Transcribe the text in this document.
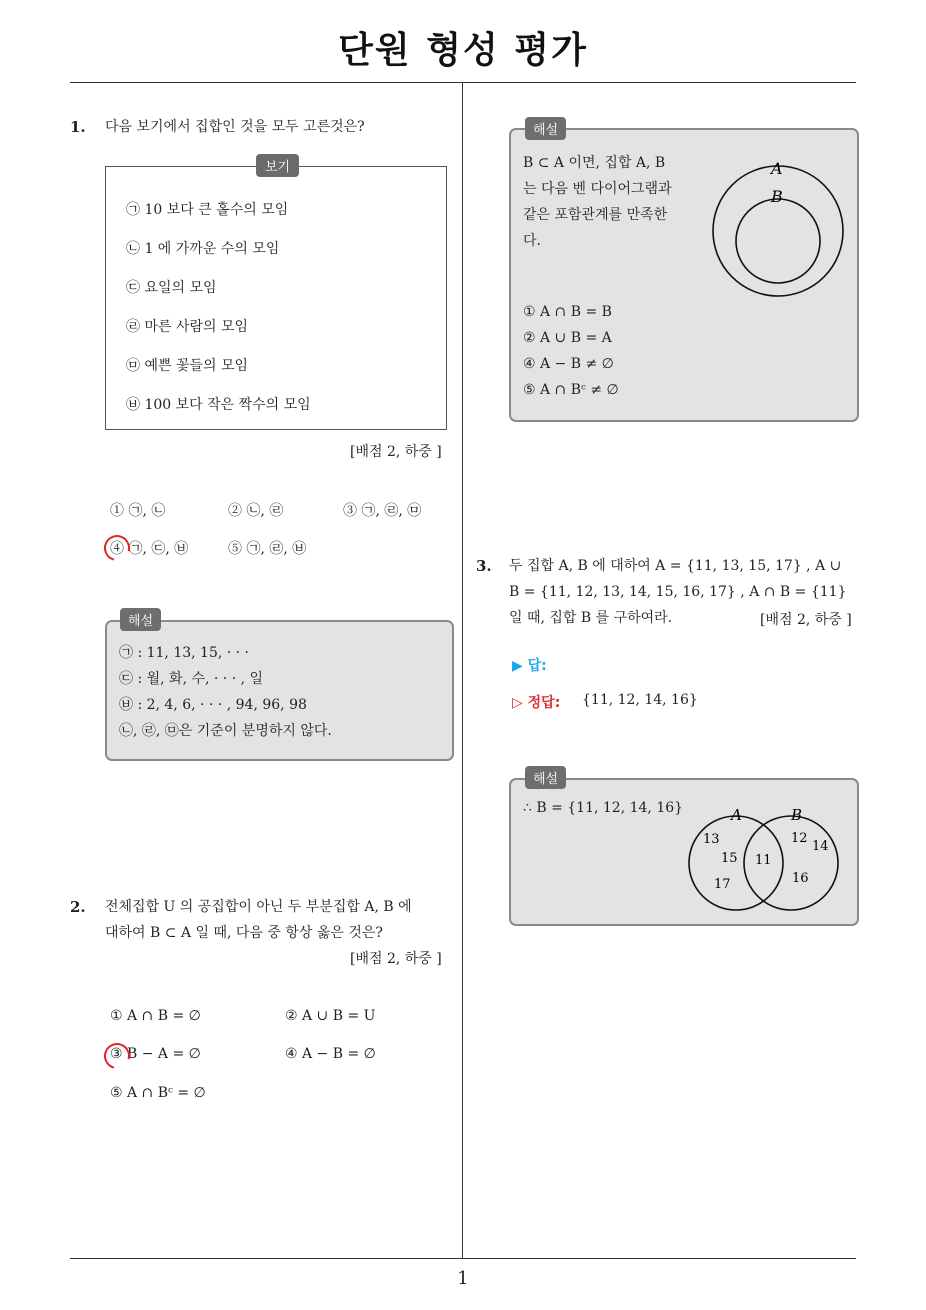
단원 형성 평가
1
1. 다음 보기에서 집합인 것을 모두 고른것은?
㉠ 10 보다 큰 홀수의 모임
㉡ 1 에 가까운 수의 모임
㉢ 요일의 모임
㉣ 마른 사람의 모임
㉤ 예쁜 꽃들의 모임
㉥ 100 보다 작은 짝수의 모임
보기
[배점 2, 하중 ]
① ㉠, ㉡	② ㉡, ㉣	③ ㉠, ㉣, ㉤
④ ㉠, ㉢, ㉥	⑤ ㉠, ㉣, ㉥
㉠ : 11, 13, 15, · · ·
㉢ : 월, 화, 수, · · · , 일
㉥ : 2, 4, 6, · · · , 94, 96, 98
㉡, ㉣, ㉤은 기준이 분명하지 않다.
해설
2. 전체집합 U 의 공집합이 아닌 두 부분집합 A, B 에
대하여 B ⊂ A 일 때, 다음 중 항상 옳은 것은?
[배점 2, 하중 ]
① A ∩ B = ∅	② A ∪ B = U
③ B − A = ∅	④ A − B = ∅
⑤ A ∩ Bᶜ = ∅
B ⊂ A 이면, 집합 A, B
는 다음 벤 다이어그램과
같은 포함관계를 만족한
다.
A
B
① A ∩ B = B
② A ∪ B = A
④ A − B ≠ ∅
⑤ A ∩ Bᶜ ≠ ∅
해설
3. 두 집합 A, B 에 대하여 A = {11, 13, 15, 17} , A ∪
B = {11, 12, 13, 14, 15, 16, 17} , A ∩ B = {11}
일 때, 집합 B 를 구하여라.	[배점 2, 하중 ]
▶ 답:
▷ 정답: {11, 12, 14, 16}
∴ B = {11, 12, 14, 16}	A	B
13
15
17
11
12
14
16
해설
